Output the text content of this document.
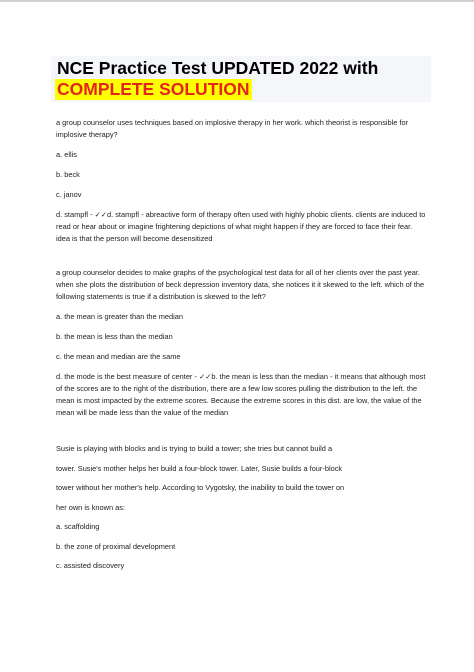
NCE Practice Test UPDATED 2022 with
COMPLETE SOLUTION

a group counselor uses techniques based on implosive therapy in her work. which theorist is responsible for implosive therapy?

a. ellis

b. beck

c. janov

d. stampfl - ✓✓d. stampfl - abreactive form of therapy often used with highly phobic clients. clients are induced to read or hear about or imagine frightening depictions of what might happen if they are forced to face their fear. idea is that the person will become desensitized

a group counselor decides to make graphs of the psychological test data for all of her clients over the past year. when she plots the distribution of beck depression inventory data, she notices it it skewed to the left. which of the following statements is true if a distribution is skewed to the left?

a. the mean is greater than the median

b. the mean is less than the median

c. the mean and median are the same

d. the mode is the best measure of center - ✓✓b. the mean is less than the median - it means that although most of the scores are to the right of the distribution, there are a few low scores pulling the distribution to the left. the mean is most impacted by the extreme scores. Because the extreme scores in this dist. are low, the value of the mean will be made less than the value of the median

Susie is playing with blocks and is trying to build a tower; she tries but cannot build a

tower. Susie's mother helps her build a four-block tower. Later, Susie builds a four-block

tower without her mother's help. According to Vygotsky, the inability to build the tower on

her own is known as:

a. scaffolding

b. the zone of proximal development

c. assisted discovery
